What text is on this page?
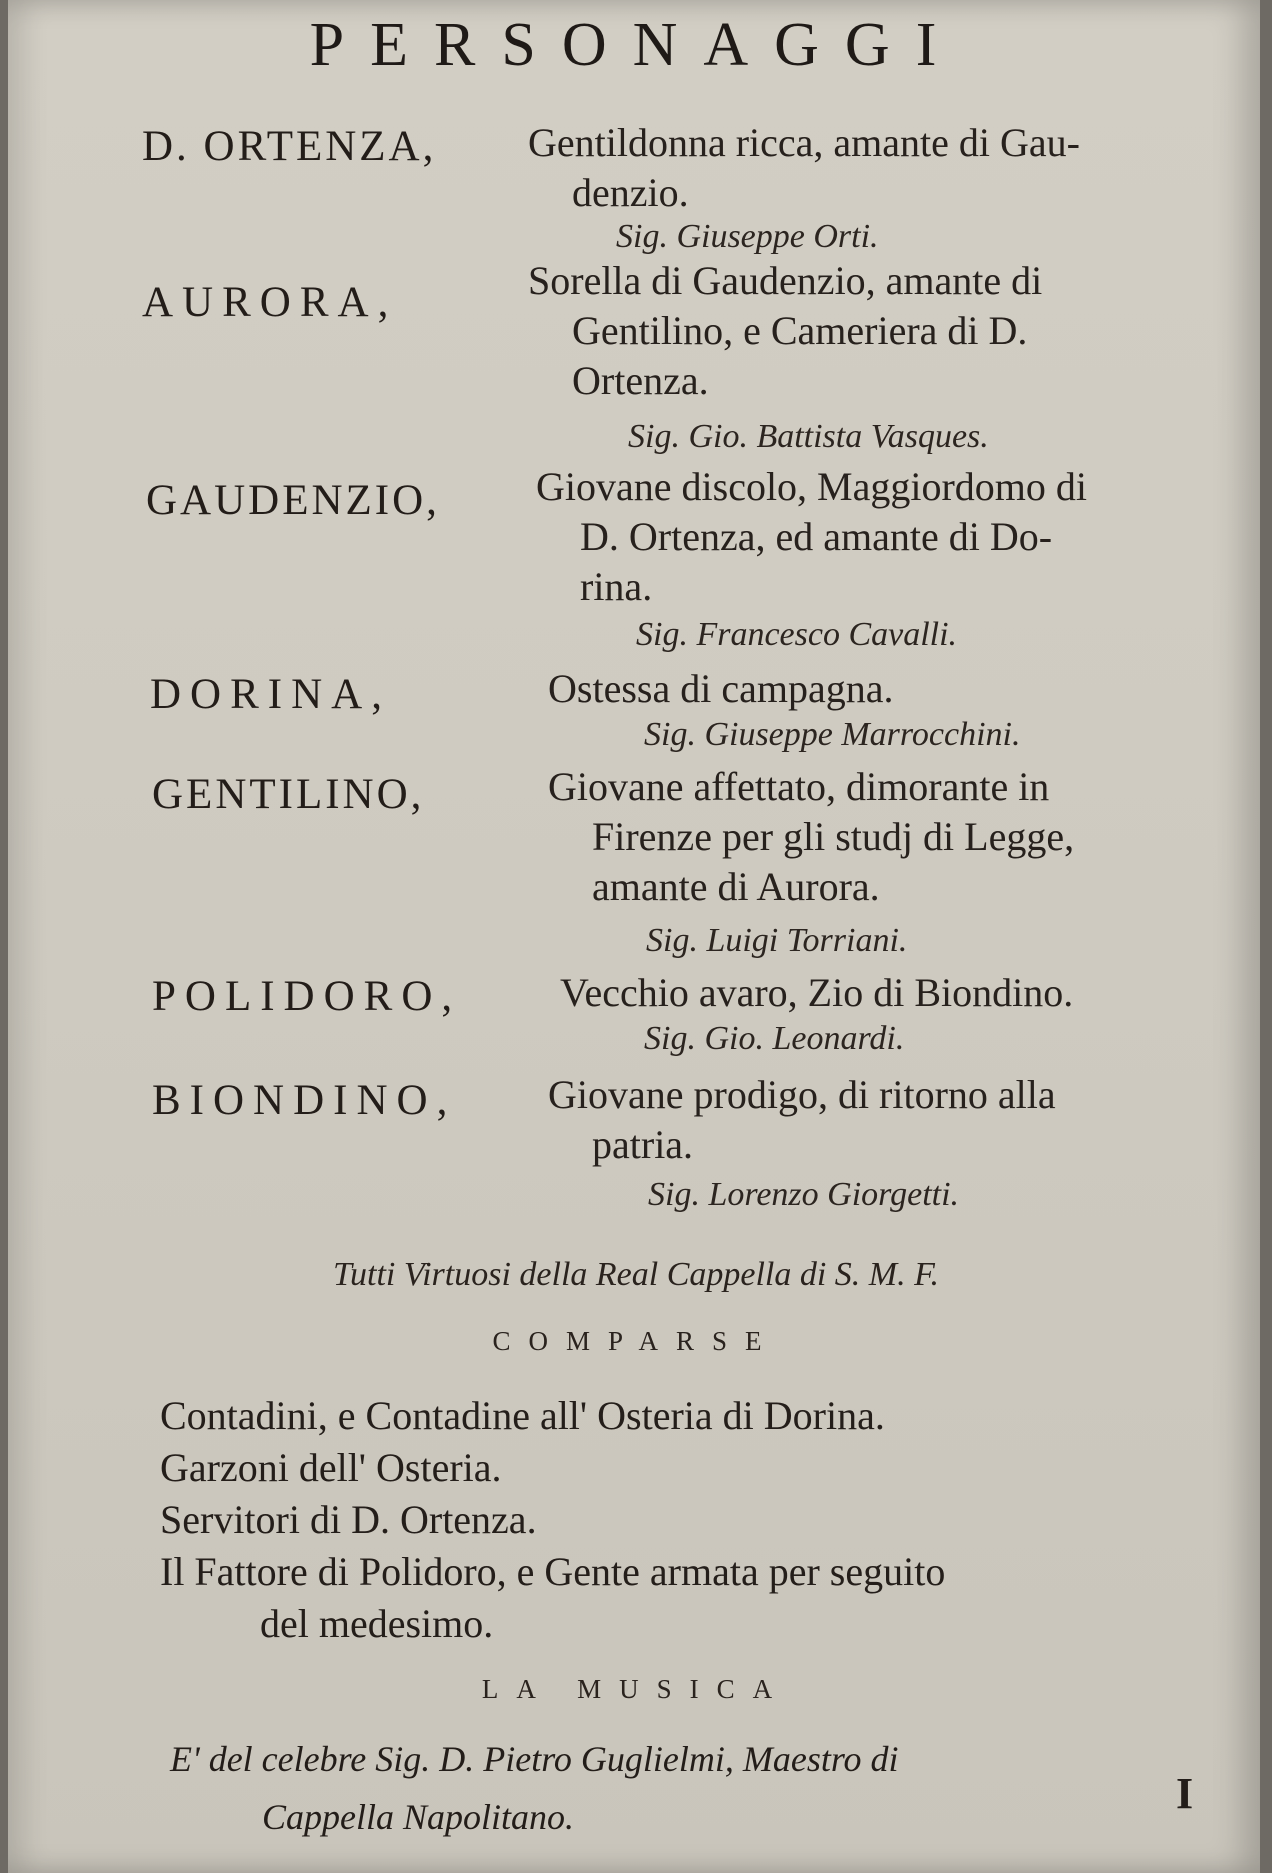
PERSONAGGI
D. ORTENZA, Gentildonna ricca, amante di Gau-
denzio.
Sig. Giuseppe Orti.
AURORA,	Sorella di Gaudenzio, amante di
Gentilino, e Cameriera di D.
Ortenza.
Sig. Gio. Battista Vasques.
GAUDENZIO, Giovane discolo, Maggiordomo di
D. Ortenza, ed amante di Do-
rina.
Sig. Francesco Cavalli.
DORINA,	Ostessa di campagna.
Sig. Giuseppe Marrocchini.
GENTILINO,	Giovane affettato, dimorante in
Firenze per gli studj di Legge,
amante di Aurora.
Sig. Luigi Torriani.
POLIDORO, Vecchio avaro, Zio di Biondino.
Sig. Gio. Leonardi.
BIONDINO, Giovane prodigo, di ritorno alla
patria.
Sig. Lorenzo Giorgetti.
Tutti Virtuosi della Real Cappella di S. M. F.
COMPARSE
Contadini, e Contadine all' Osteria di Dorina.
Garzoni dell' Osteria.
Servitori di D. Ortenza.
Il Fattore di Polidoro, e Gente armata per seguito
del medesimo.
LA MUSICA
E' del celebre Sig. D. Pietro Guglielmi, Maestro di
Cappella Napolitano.	I
